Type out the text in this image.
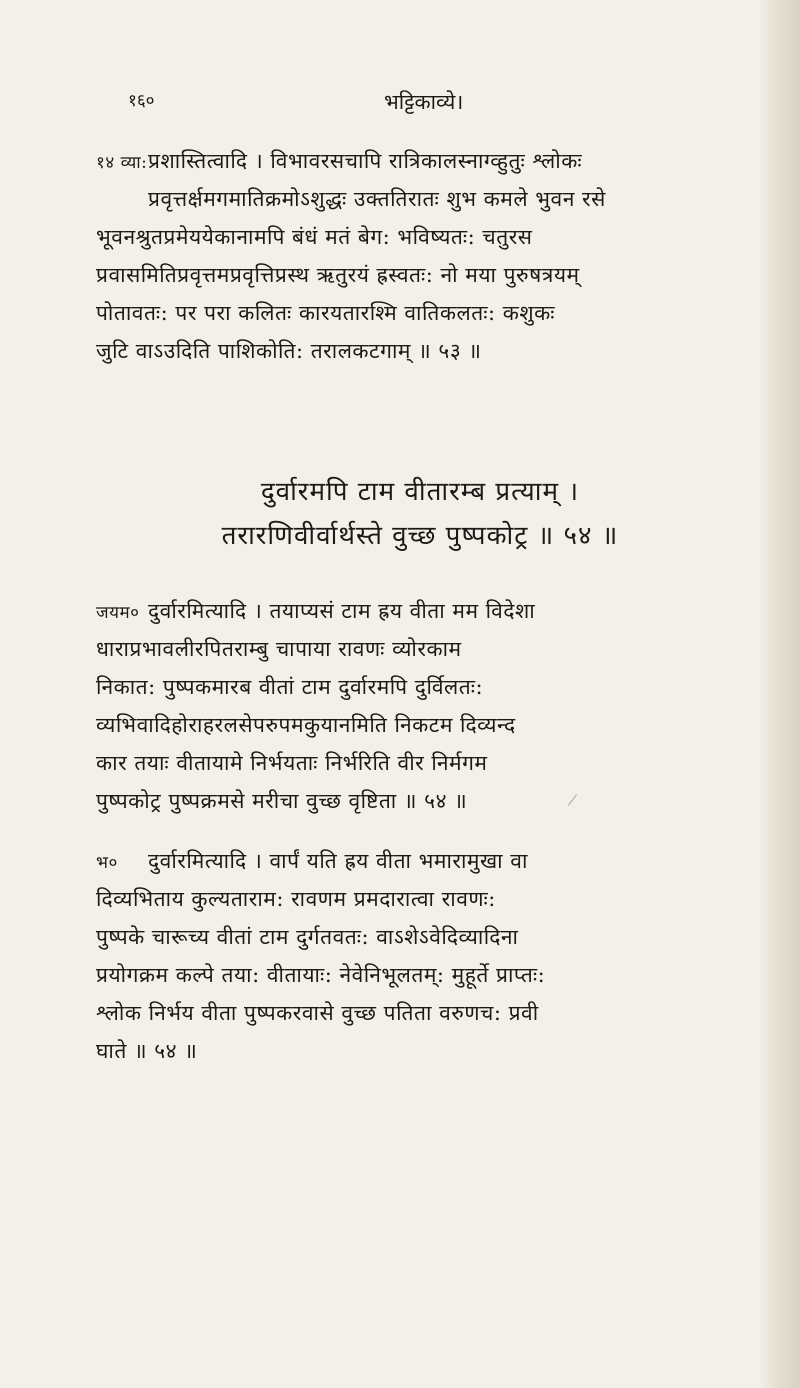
१६०	भट्टिकाव्ये।
१४ व्या: प्रशास्तित्वादि । विभावरसचापि रात्रिकालस्नाग्व्हुतुः श्लोकः
प्रवृत्तर्क्षमगमातिक्रमोऽशुद्धः उक्ततिरातः शुभ कमले भुवन रसे
भूवनश्रुतप्रमेययेकानामपि बंधं मतं बेग: भविष्यतः: चतुरस
प्रवासमितिप्रवृत्तमप्रवृत्तिप्रस्थ ऋतुरयं ह्रस्वतः: नो मया पुरुषत्रयम्
पोतावतः: पर परा कलितः कारयतारश्मि वातिकलतः: कशुकः
जुटि वाऽउदिति पाशिकोति: तरालकटगाम् ॥ ५३ ॥
दुर्वारमपि टाम वीतारम्ब प्रत्याम् ।
तरारणिवीर्वार्थस्ते वुच्छ पुष्पकोट्र ॥ ५४ ॥
जयम० दुर्वारमित्यादि । तयाप्यसं टाम ह्रय वीता मम विदेशा
धाराप्रभावलीरपितराम्बु चापाया रावणः व्योरकाम
निकात: पुष्पकमारब वीतां टाम दुर्वारमपि दुर्विलतः:
व्यभिवादिहोराहरलसेपरुपमकुयानमिति निकटम दिव्यन्द
कार तयाः वीतायामे निर्भयताः निर्भरिति वीर निर्मगम
पुष्पकोट्र पुष्पक्रमसे मरीचा वुच्छ वृष्टिता ॥ ५४ ॥
भ०	दुर्वारमित्यादि । वार्पं यति ह्रय वीता भमारामुखा वा
दिव्यभिताय कुल्यताराम: रावणम प्रमदारात्वा रावणः:
पुष्पके चारूच्य वीतां टाम दुर्गतवतः: वाऽशेऽवेदिव्यादिना
प्रयोगक्रम कल्पे तया: वीतायाः: नेवेनिभूलतम्: मुहूर्ते प्राप्तः:
श्लोक निर्भय वीता पुष्पकरवासे वुच्छ पतिता वरुणच: प्रवी
घाते ॥ ५४ ॥
/
